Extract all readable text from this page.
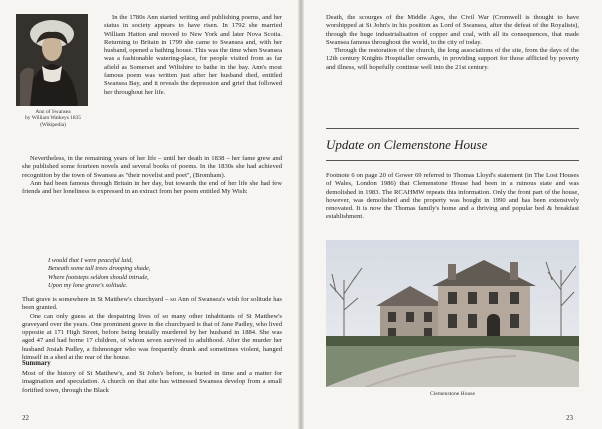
Ann of Swansea
by William Watkeys 1835
(Wikipedia)

In the 1780s Ann started writing and publishing poems, and her status in society appears to have risen. In 1792 she married William Hatton and moved to New York and later Nova Scotia. Returning to Britain in 1799 she came to Swansea and, with her husband, opened a bathing house. This was the time when Swansea was a fashionable watering-place, for people visited from as far afield as Somerset and Wiltshire to bathe in the bay. Ann's most famous poem was written just after her husband died, entitled Swansea Bay, and it reveals the depression and grief that followed her throughout her life.

Nevertheless, in the remaining years of her life – until her death in 1838 – her fame grew and she published some fourteen novels and several books of poems. In the 1830s she had achieved recognition by the town of Swansea as "their novelist and poet", (Bromham).

Ann had been famous through Britain in her day, but towards the end of her life she had few friends and her loneliness is expressed in an extract from her poem entitled My Wish:

I would that I were peaceful laid,
Beneath some tall trees drooping shade,
Where footsteps seldom should intrude,
Upon my lone grave's solitude.

That grave is somewhere in St Matthew's churchyard – so Ann of Swansea's wish for solitude has been granted.

One can only guess at the despairing lives of so many other inhabitants of St Matthew's graveyard over the years. One prominent grave in the churchyard is that of Jane Padley, who lived opposite at 171 High Street, before being brutally murdered by her husband in 1884. She was aged 47 and had borne 17 children, of whom seven survived to adulthood. After the murder her husband Josiah Padley, a fishmonger who was frequently drunk and sometimes violent, hanged himself in a shed at the rear of the house.

Summary

Most of the history of St Matthew's, and St John's before, is buried in time and a matter for imagination and speculation. A church on that site has witnessed Swansea develop from a small fortified town, through the Black

22

Death, the scourges of the Middle Ages, the Civil War (Cromwell is thought to have worshipped at St John's in his position as Lord of Swansea, after the defeat of the Royalists), through the huge industrialisation of copper and coal, with all its consequences, that made Swansea famous throughout the world, to the city of today.

Through the restoration of the church, the long associations of the site, from the days of the 12th century Knights Hospitaller onwards, in providing support for those afflicted by poverty and illness, will hopefully continue well into the 21st century.

Update on Clemenstone House

Footnote 6 on page 20 of Gower 69 referred to Thomas Lloyd's statement (in The Lost Houses of Wales, London 1986) that Clemenstone House had been in a ruinous state and was demolished in 1983. The RCAHMW repeats this information. Only the front part of the house, however, was demolished and the property was bought in 1990 and has been extensively renovated. It is now the Thomas family's home and a thriving and popular bed & breakfast establishment.

Clemenstone House
23
